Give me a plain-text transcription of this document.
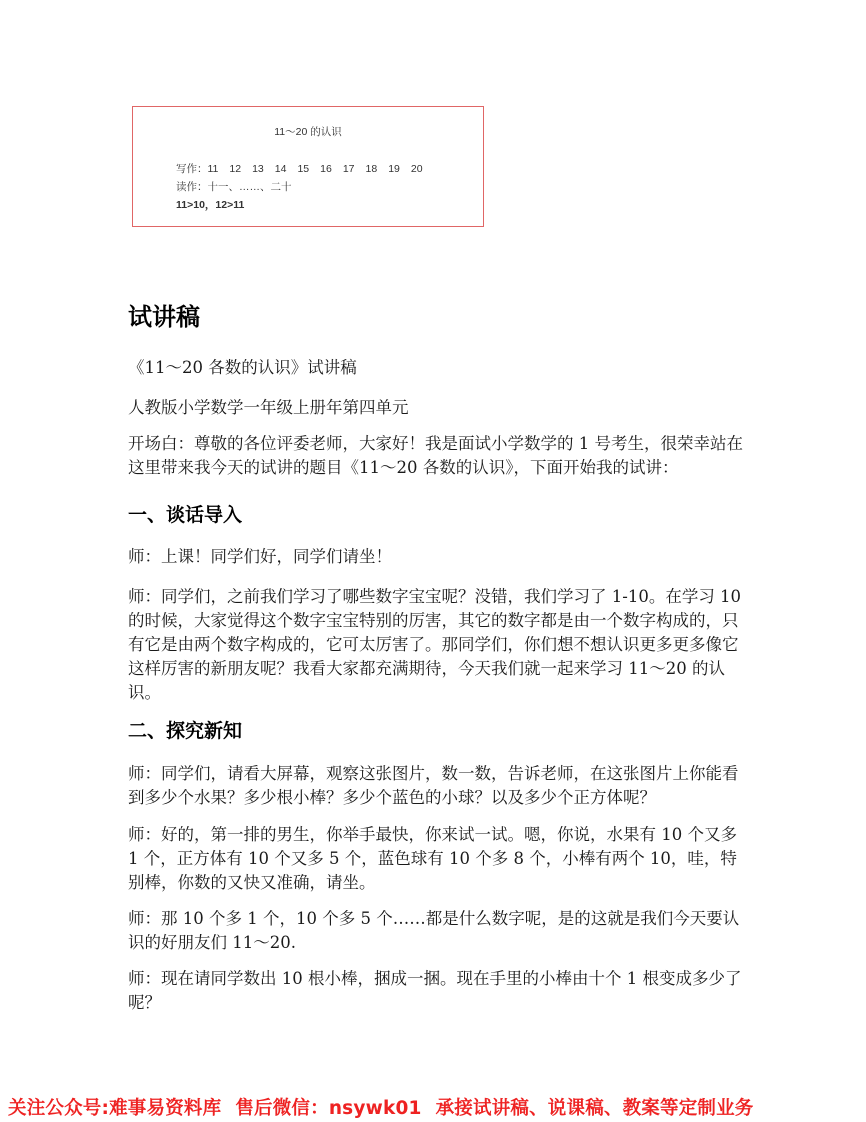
11～20 的认识
写作：11 12 13 14 15 16 17 18 19 20
读作：十一、……、二十
11>10，12>11
试讲稿

《11～20 各数的认识》试讲稿

人教版小学数学一年级上册年第四单元

开场白：尊敬的各位评委老师，大家好！我是面试小学数学的 1 号考生，很荣幸站在这里带来我今天的试讲的题目《11～20 各数的认识》，下面开始我的试讲：

一、谈话导入

师：上课！同学们好，同学们请坐！

师：同学们，之前我们学习了哪些数字宝宝呢？没错，我们学习了 1-10。在学习 10 的时候，大家觉得这个数字宝宝特别的厉害，其它的数字都是由一个数字构成的，只有它是由两个数字构成的，它可太厉害了。那同学们，你们想不想认识更多更多像它这样厉害的新朋友呢？我看大家都充满期待，今天我们就一起来学习 11～20 的认识。

二、探究新知

师：同学们，请看大屏幕，观察这张图片，数一数，告诉老师，在这张图片上你能看到多少个水果？多少根小棒？多少个蓝色的小球？以及多少个正方体呢？

师：好的，第一排的男生，你举手最快，你来试一试。嗯，你说，水果有 10 个又多 1 个，正方体有 10 个又多 5 个，蓝色球有 10 个多 8 个，小棒有两个 10，哇，特别棒，你数的又快又准确，请坐。

师：那 10 个多 1 个，10 个多 5 个……都是什么数字呢，是的这就是我们今天要认识的好朋友们 11～20.

师：现在请同学数出 10 根小棒，捆成一捆。现在手里的小棒由十个 1 根变成多少了呢？

关注公众号:难事易资料库 售后微信：nsywk01 承接试讲稿、说课稿、教案等定制业务
